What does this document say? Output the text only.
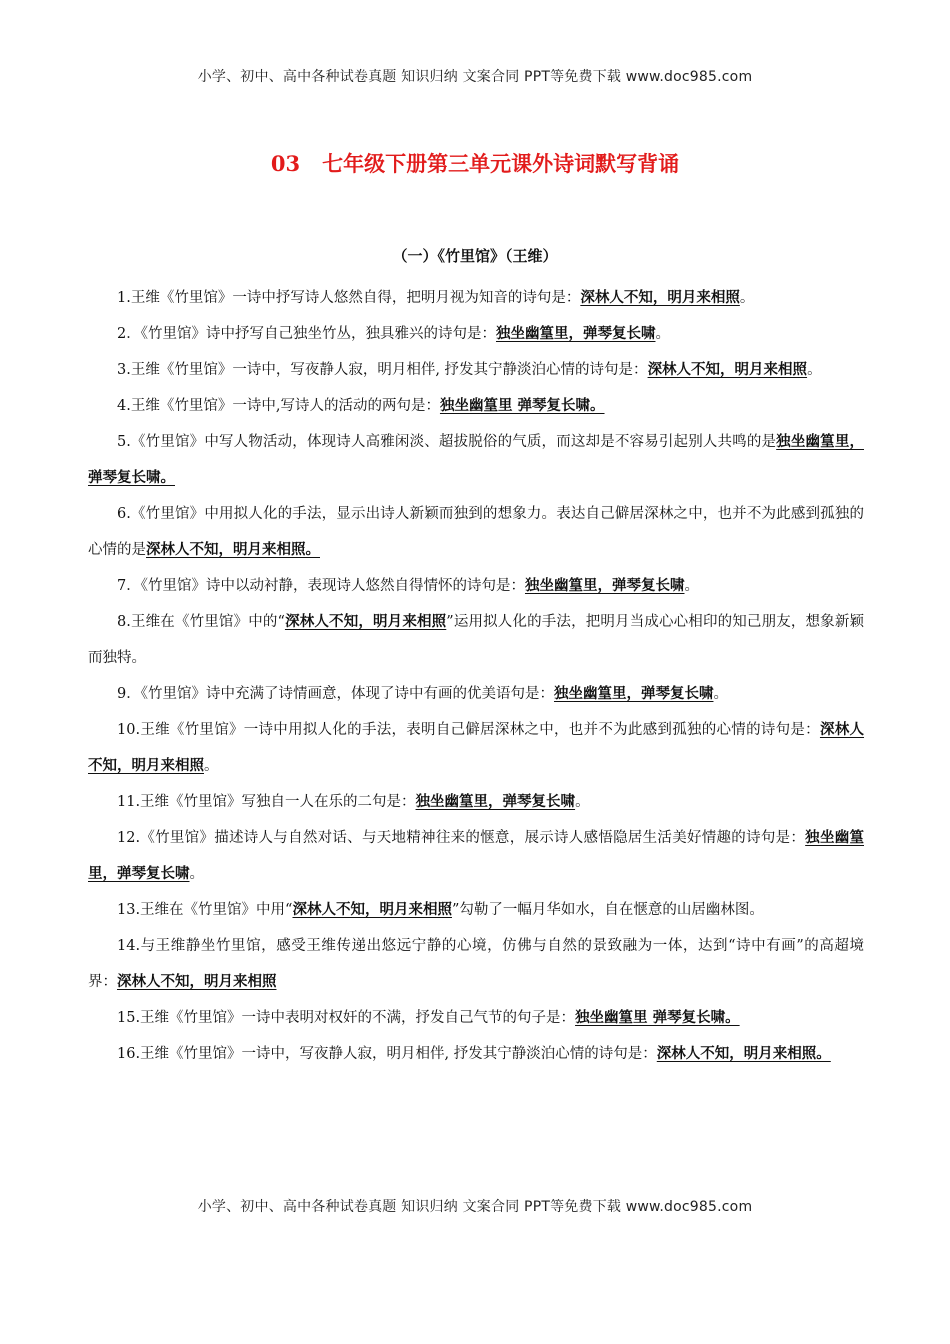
小学、初中、高中各种试卷真题 知识归纳 文案合同 PPT等免费下载 www.doc985.com
03 七年级下册第三单元课外诗词默写背诵
（一）《竹里馆》（王维）

1.王维《竹里馆》一诗中抒写诗人悠然自得，把明月视为知音的诗句是：深林人不知，明月来相照。

2．《竹里馆》诗中抒写自己独坐竹丛，独具雅兴的诗句是：独坐幽篁里，弹琴复长啸。

3.王维《竹里馆》一诗中，写夜静人寂，明月相伴, 抒发其宁静淡泊心情的诗句是：深林人不知，明月来相照。

4.王维《竹里馆》一诗中,写诗人的活动的两句是：独坐幽篁里 弹琴复长啸。

5.《竹里馆》中写人物活动，体现诗人高雅闲淡、超拔脱俗的气质，而这却是不容易引起别人共鸣的是独坐幽篁里，弹琴复长啸。

6.《竹里馆》中用拟人化的手法，显示出诗人新颖而独到的想象力。表达自己僻居深林之中，也并不为此感到孤独的心情的是深林人不知，明月来相照。

7．《竹里馆》诗中以动衬静，表现诗人悠然自得情怀的诗句是：独坐幽篁里，弹琴复长啸。

8.王维在《竹里馆》中的“深林人不知，明月来相照”运用拟人化的手法，把明月当成心心相印的知己朋友，想象新颖而独特。

9．《竹里馆》诗中充满了诗情画意，体现了诗中有画的优美语句是：独坐幽篁里，弹琴复长啸。

10.王维《竹里馆》一诗中用拟人化的手法，表明自己僻居深林之中，也并不为此感到孤独的心情的诗句是：深林人不知，明月来相照。

11.王维《竹里馆》写独自一人在乐的二句是：独坐幽篁里，弹琴复长啸。

12.《竹里馆》描述诗人与自然对话、与天地精神往来的惬意，展示诗人感悟隐居生活美好情趣的诗句是：独坐幽篁里，弹琴复长啸。

13.王维在《竹里馆》中用“深林人不知，明月来相照”勾勒了一幅月华如水，自在惬意的山居幽林图。

14.与王维静坐竹里馆，感受王维传递出悠远宁静的心境，仿佛与自然的景致融为一体，达到“诗中有画”的高超境界：深林人不知，明月来相照

15.王维《竹里馆》一诗中表明对权奸的不满，抒发自己气节的句子是：独坐幽篁里 弹琴复长啸。

16.王维《竹里馆》一诗中，写夜静人寂，明月相伴, 抒发其宁静淡泊心情的诗句是：深林人不知，明月来相照。

小学、初中、高中各种试卷真题 知识归纳 文案合同 PPT等免费下载 www.doc985.com
